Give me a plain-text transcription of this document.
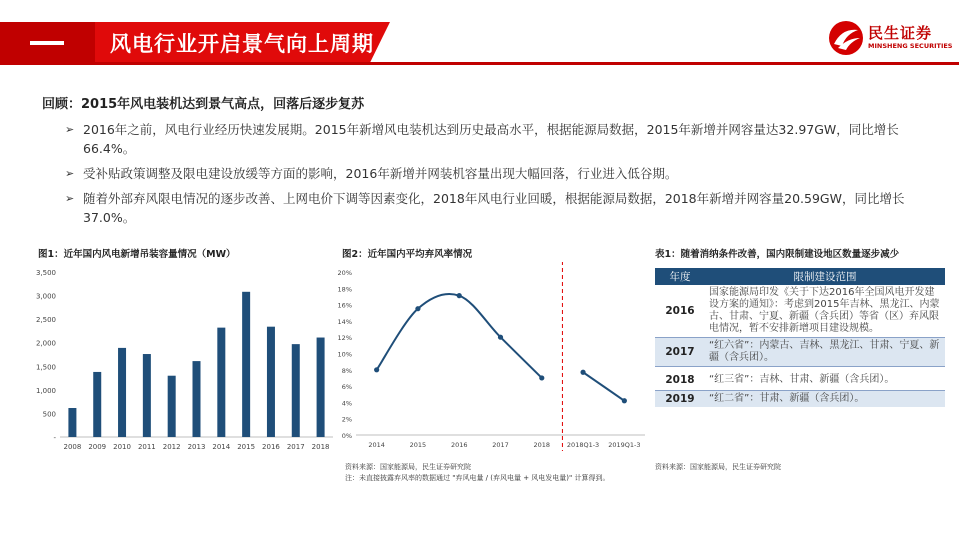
风电行业开启景气向上周期	民生证券
MINSHENG SECURITIES
回顾：2015年风电装机达到景气高点，回落后逐步复苏
➢ 2016年之前，风电行业经历快速发展期。2015年新增风电装机达到历史最高水平，根据能源局数据，2015年新增并网容量达32.97GW，同比增长66.4%。
➢ 受补贴政策调整及限电建设放缓等方面的影响，2016年新增并网装机容量出现大幅回落，行业进入低谷期。
➢ 随着外部弃风限电情况的逐步改善、上网电价下调等因素变化，2018年风电行业回暖，根据能源局数据，2018年新增并网容量20.59GW，同比增长37.0%。
图1：近年国内风电新增吊装容量情况（MW）
-
500
1,000
1,500
2,000
2,500
3,000
3,500
2008 2009 2010 2011 2012 2013 2014 2015 2016 2017 2018
资料来源：国家能源局，民生证券研究院
注：未直接披露弃风率的数据通过 "弃风电量 / (弃风电量 + 风电发电量)" 计算得到。
图2：近年国内平均弃风率情况
0%
2%
4%
6%
8%
10%
12%
14%
16%
18%
20%
2014	2015	2016	2017	2018	2018Q1-3 2019Q1-3
表1：随着消纳条件改善，国内限制建设地区数量逐步减少
年度	限制建设范围
2016	国家能源局印发《关于下达2016年全国风电开发建设方案的通知》：考虑到2015年吉林、黑龙江、内蒙古、甘肃、宁夏、新疆（含兵团）等省（区）弃风限电情况，暂不安排新增项目建设规模。
2017	“红六省”：内蒙古、吉林、黑龙江、甘肃、宁夏、新疆（含兵团）。
2018	“红三省”：吉林、甘肃、新疆（含兵团）。
2019	“红二省”：甘肃、新疆（含兵团）。
资料来源：国家能源局，民生证券研究院
